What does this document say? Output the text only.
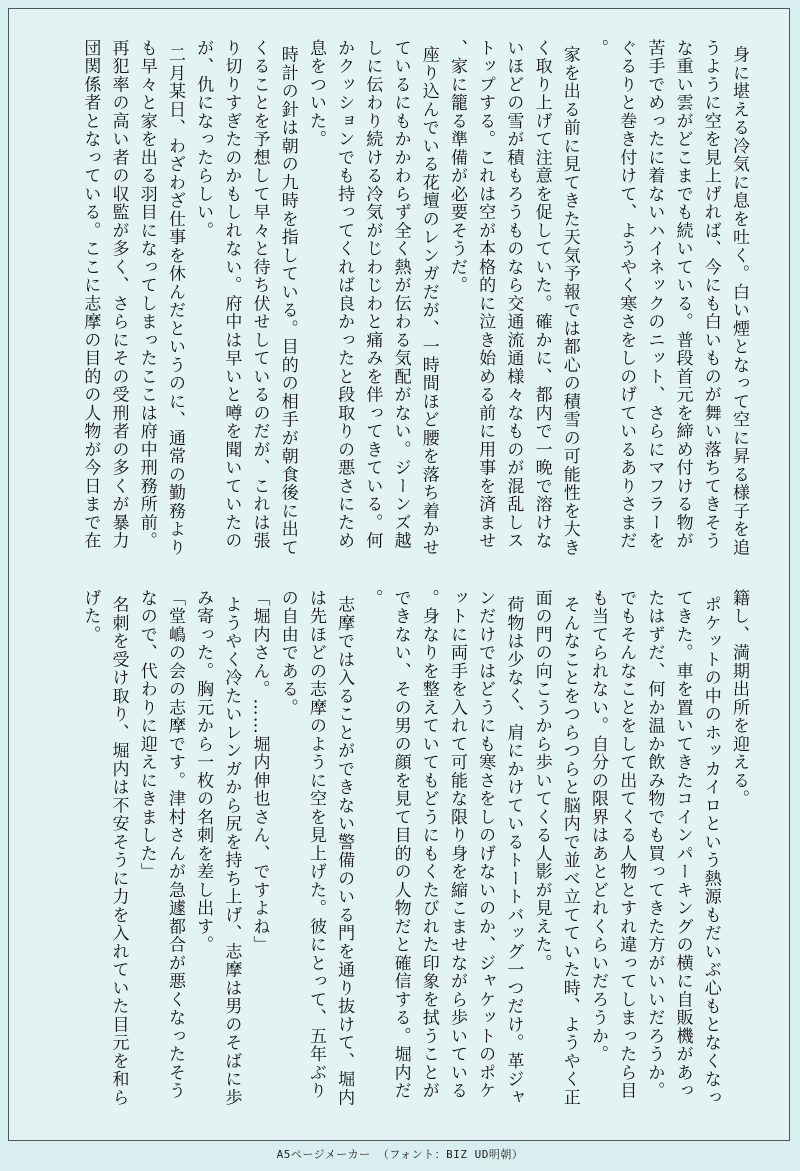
身に堪える冷気に息を吐く。白い煙となって空に昇る様子を追うように空を見上げれば、今にも白いものが舞い落ちてきそうな重い雲がどこまでも続いている。普段首元を締め付ける物が苦手でめったに着ないハイネックのニット、さらにマフラーをぐるりと巻き付けて、ようやく寒さをしのげているありさまだ。
家を出る前に見てきた天気予報では都心の積雪の可能性を大きく取り上げて注意を促していた。確かに、都内で一晩で溶けないほどの雪が積もろうものなら交通流通様々なものが混乱しストップする。これは空が本格的に泣き始める前に用事を済ませ、家に籠る準備が必要そうだ。
座り込んでいる花壇のレンガだが、一時間ほど腰を落ち着かせているにもかかわらず全く熱が伝わる気配がない。ジーンズ越しに伝わり続ける冷気がじわじわと痛みを伴ってきている。何かクッションでも持ってくれば良かったと段取りの悪さにため息をついた。
時計の針は朝の九時を指している。目的の相手が朝食後に出てくることを予想して早々と待ち伏せしているのだが、これは張り切りすぎたのかもしれない。府中は早いと噂を聞いていたのが、仇になったらしい。
二月某日、わざわざ仕事を休んだというのに、通常の勤務よりも早々と家を出る羽目になってしまったここは府中刑務所前。再犯率の高い者の収監が多く、さらにその受刑者の多くが暴力団関係者となっている。ここに志摩の目的の人物が今日まで在
籍し、満期出所を迎える。
ポケットの中のホッカイロという熱源もだいぶ心もとなくなってきた。車を置いてきたコインパーキングの横に自販機があったはずだ、何か温か飲み物でも買ってきた方がいいだろうか。でもそんなことをして出てくる人物とすれ違ってしまったら目も当てられない。自分の限界はあとどれくらいだろうか。
そんなことをつらつらと脳内で並べ立てていた時、ようやく正面の門の向こうから歩いてくる人影が見えた。
荷物は少なく、肩にかけているトートバッグ一つだけ。革ジャンだけではどうにも寒さをしのげないのか、ジャケットのポケットに両手を入れて可能な限り身を縮こませながら歩いている。身なりを整えていてもどうにもくたびれた印象を拭うことができない、その男の顔を見て目的の人物だと確信する。堀内だ。
志摩では入ることができない警備のいる門を通り抜けて、堀内は先ほどの志摩のように空を見上げた。彼にとって、五年ぶりの自由である。
「堀内さん。……堀内伸也さん、ですよね」
ようやく冷たいレンガから尻を持ち上げ、志摩は男のそばに歩み寄った。胸元から一枚の名刺を差し出す。
「堂嶋の会の志摩です。津村さんが急遽都合が悪くなったそうなので、代わりに迎えにきました」
名刺を受け取り、堀内は不安そうに力を入れていた目元を和らげた。
A5ページメーカー （フォント：BIZ UD明朝）
